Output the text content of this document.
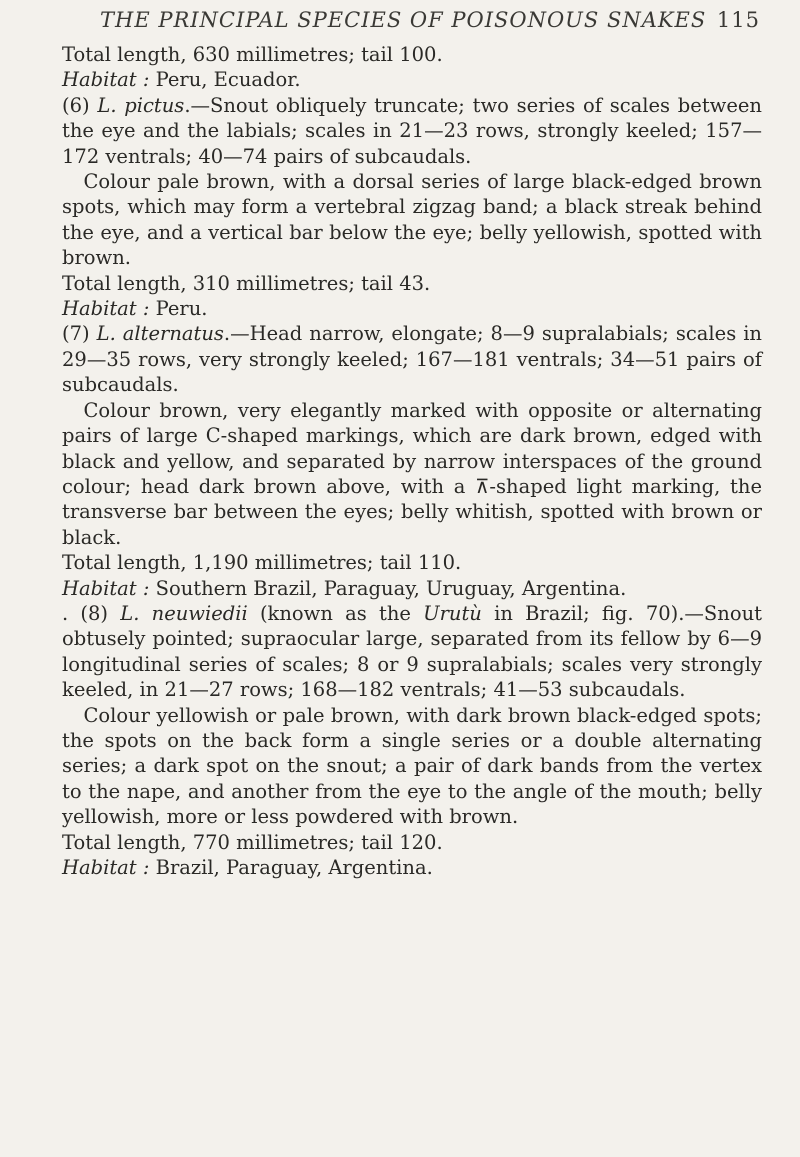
THE PRINCIPAL SPECIES OF POISONOUS SNAKES 115

Total length, 630 millimetres; tail 100.

Habitat : Peru, Ecuador.

(6) L. pictus.—Snout obliquely truncate; two series of scales between the eye and the labials; scales in 21—23 rows, strongly keeled; 157—172 ventrals; 40—74 pairs of subcaudals.

Colour pale brown, with a dorsal series of large black-edged brown spots, which may form a vertebral zigzag band; a black streak behind the eye, and a vertical bar below the eye; belly yellowish, spotted with brown.

Total length, 310 millimetres; tail 43.

Habitat : Peru.

(7) L. alternatus.—Head narrow, elongate; 8—9 supralabials; scales in 29—35 rows, very strongly keeled; 167—181 ventrals; 34—51 pairs of subcaudals.

Colour brown, very elegantly marked with opposite or alternating pairs of large C-shaped markings, which are dark brown, edged with black and yellow, and separated by narrow interspaces of the ground colour; head dark brown above, with a ⊼-shaped light marking, the transverse bar between the eyes; belly whitish, spotted with brown or black.

Total length, 1,190 millimetres; tail 110.

Habitat : Southern Brazil, Paraguay, Uruguay, Argentina.

. (8) L. neuwiedii (known as the Urutù in Brazil; fig. 70).—Snout obtusely pointed; supraocular large, separated from its fellow by 6—9 longitudinal series of scales; 8 or 9 supralabials; scales very strongly keeled, in 21—27 rows; 168—182 ventrals; 41—53 subcaudals.

Colour yellowish or pale brown, with dark brown black-edged spots; the spots on the back form a single series or a double alternating series; a dark spot on the snout; a pair of dark bands from the vertex to the nape, and another from the eye to the angle of the mouth; belly yellowish, more or less powdered with brown.

Total length, 770 millimetres; tail 120.

Habitat : Brazil, Paraguay, Argentina.
